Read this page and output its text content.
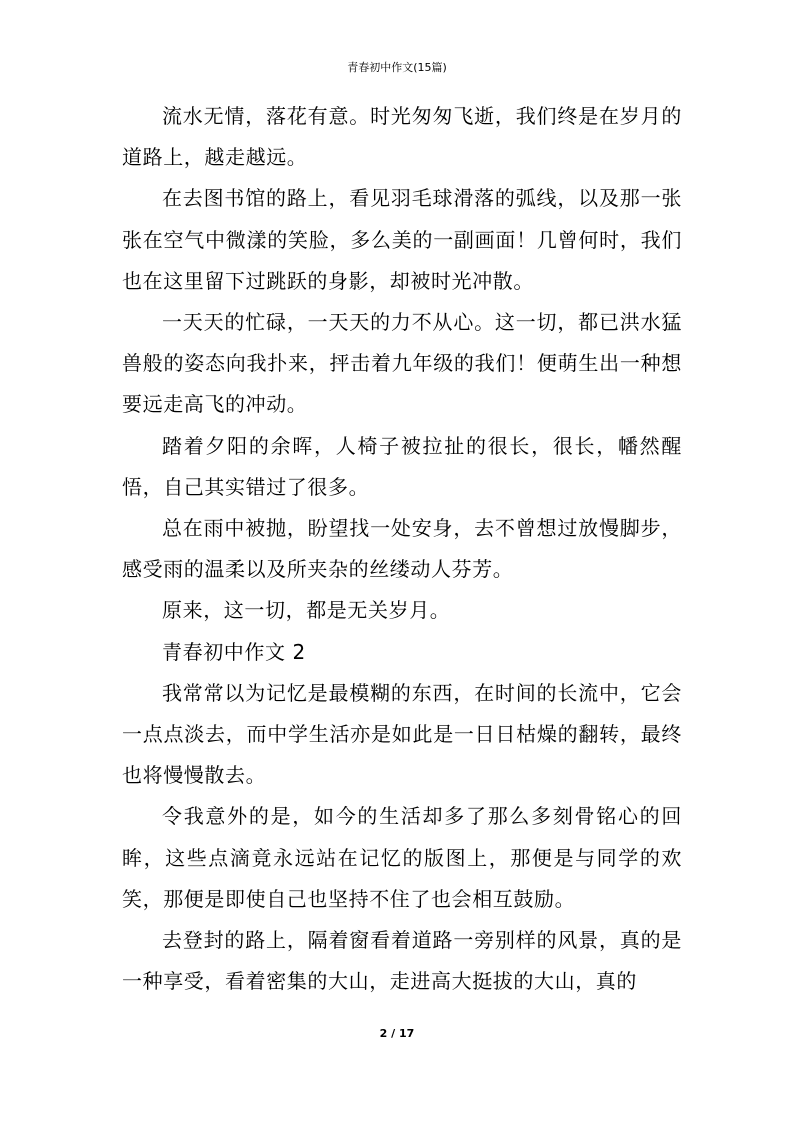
青春初中作文(15篇)

流水无情，落花有意。时光匆匆飞逝，我们终是在岁月的道路上，越走越远。

在去图书馆的路上，看见羽毛球滑落的弧线，以及那一张张在空气中微漾的笑脸，多么美的一副画面！几曾何时，我们也在这里留下过跳跃的身影，却被时光冲散。

一天天的忙碌，一天天的力不从心。这一切，都已洪水猛兽般的姿态向我扑来，抨击着九年级的我们！便萌生出一种想要远走高飞的冲动。

踏着夕阳的余晖，人椅子被拉扯的很长，很长，幡然醒悟，自己其实错过了很多。

总在雨中被抛，盼望找一处安身，去不曾想过放慢脚步，感受雨的温柔以及所夹杂的丝缕动人芬芳。

原来，这一切，都是无关岁月。

青春初中作文 2

我常常以为记忆是最模糊的东西，在时间的长流中，它会一点点淡去，而中学生活亦是如此是一日日枯燥的翻转，最终也将慢慢散去。

令我意外的是，如今的生活却多了那么多刻骨铭心的回眸，这些点滴竟永远站在记忆的版图上，那便是与同学的欢笑，那便是即使自己也坚持不住了也会相互鼓励。

去登封的路上，隔着窗看着道路一旁别样的风景，真的是一种享受，看着密集的大山，走进高大挺拔的大山，真的

2 / 17
